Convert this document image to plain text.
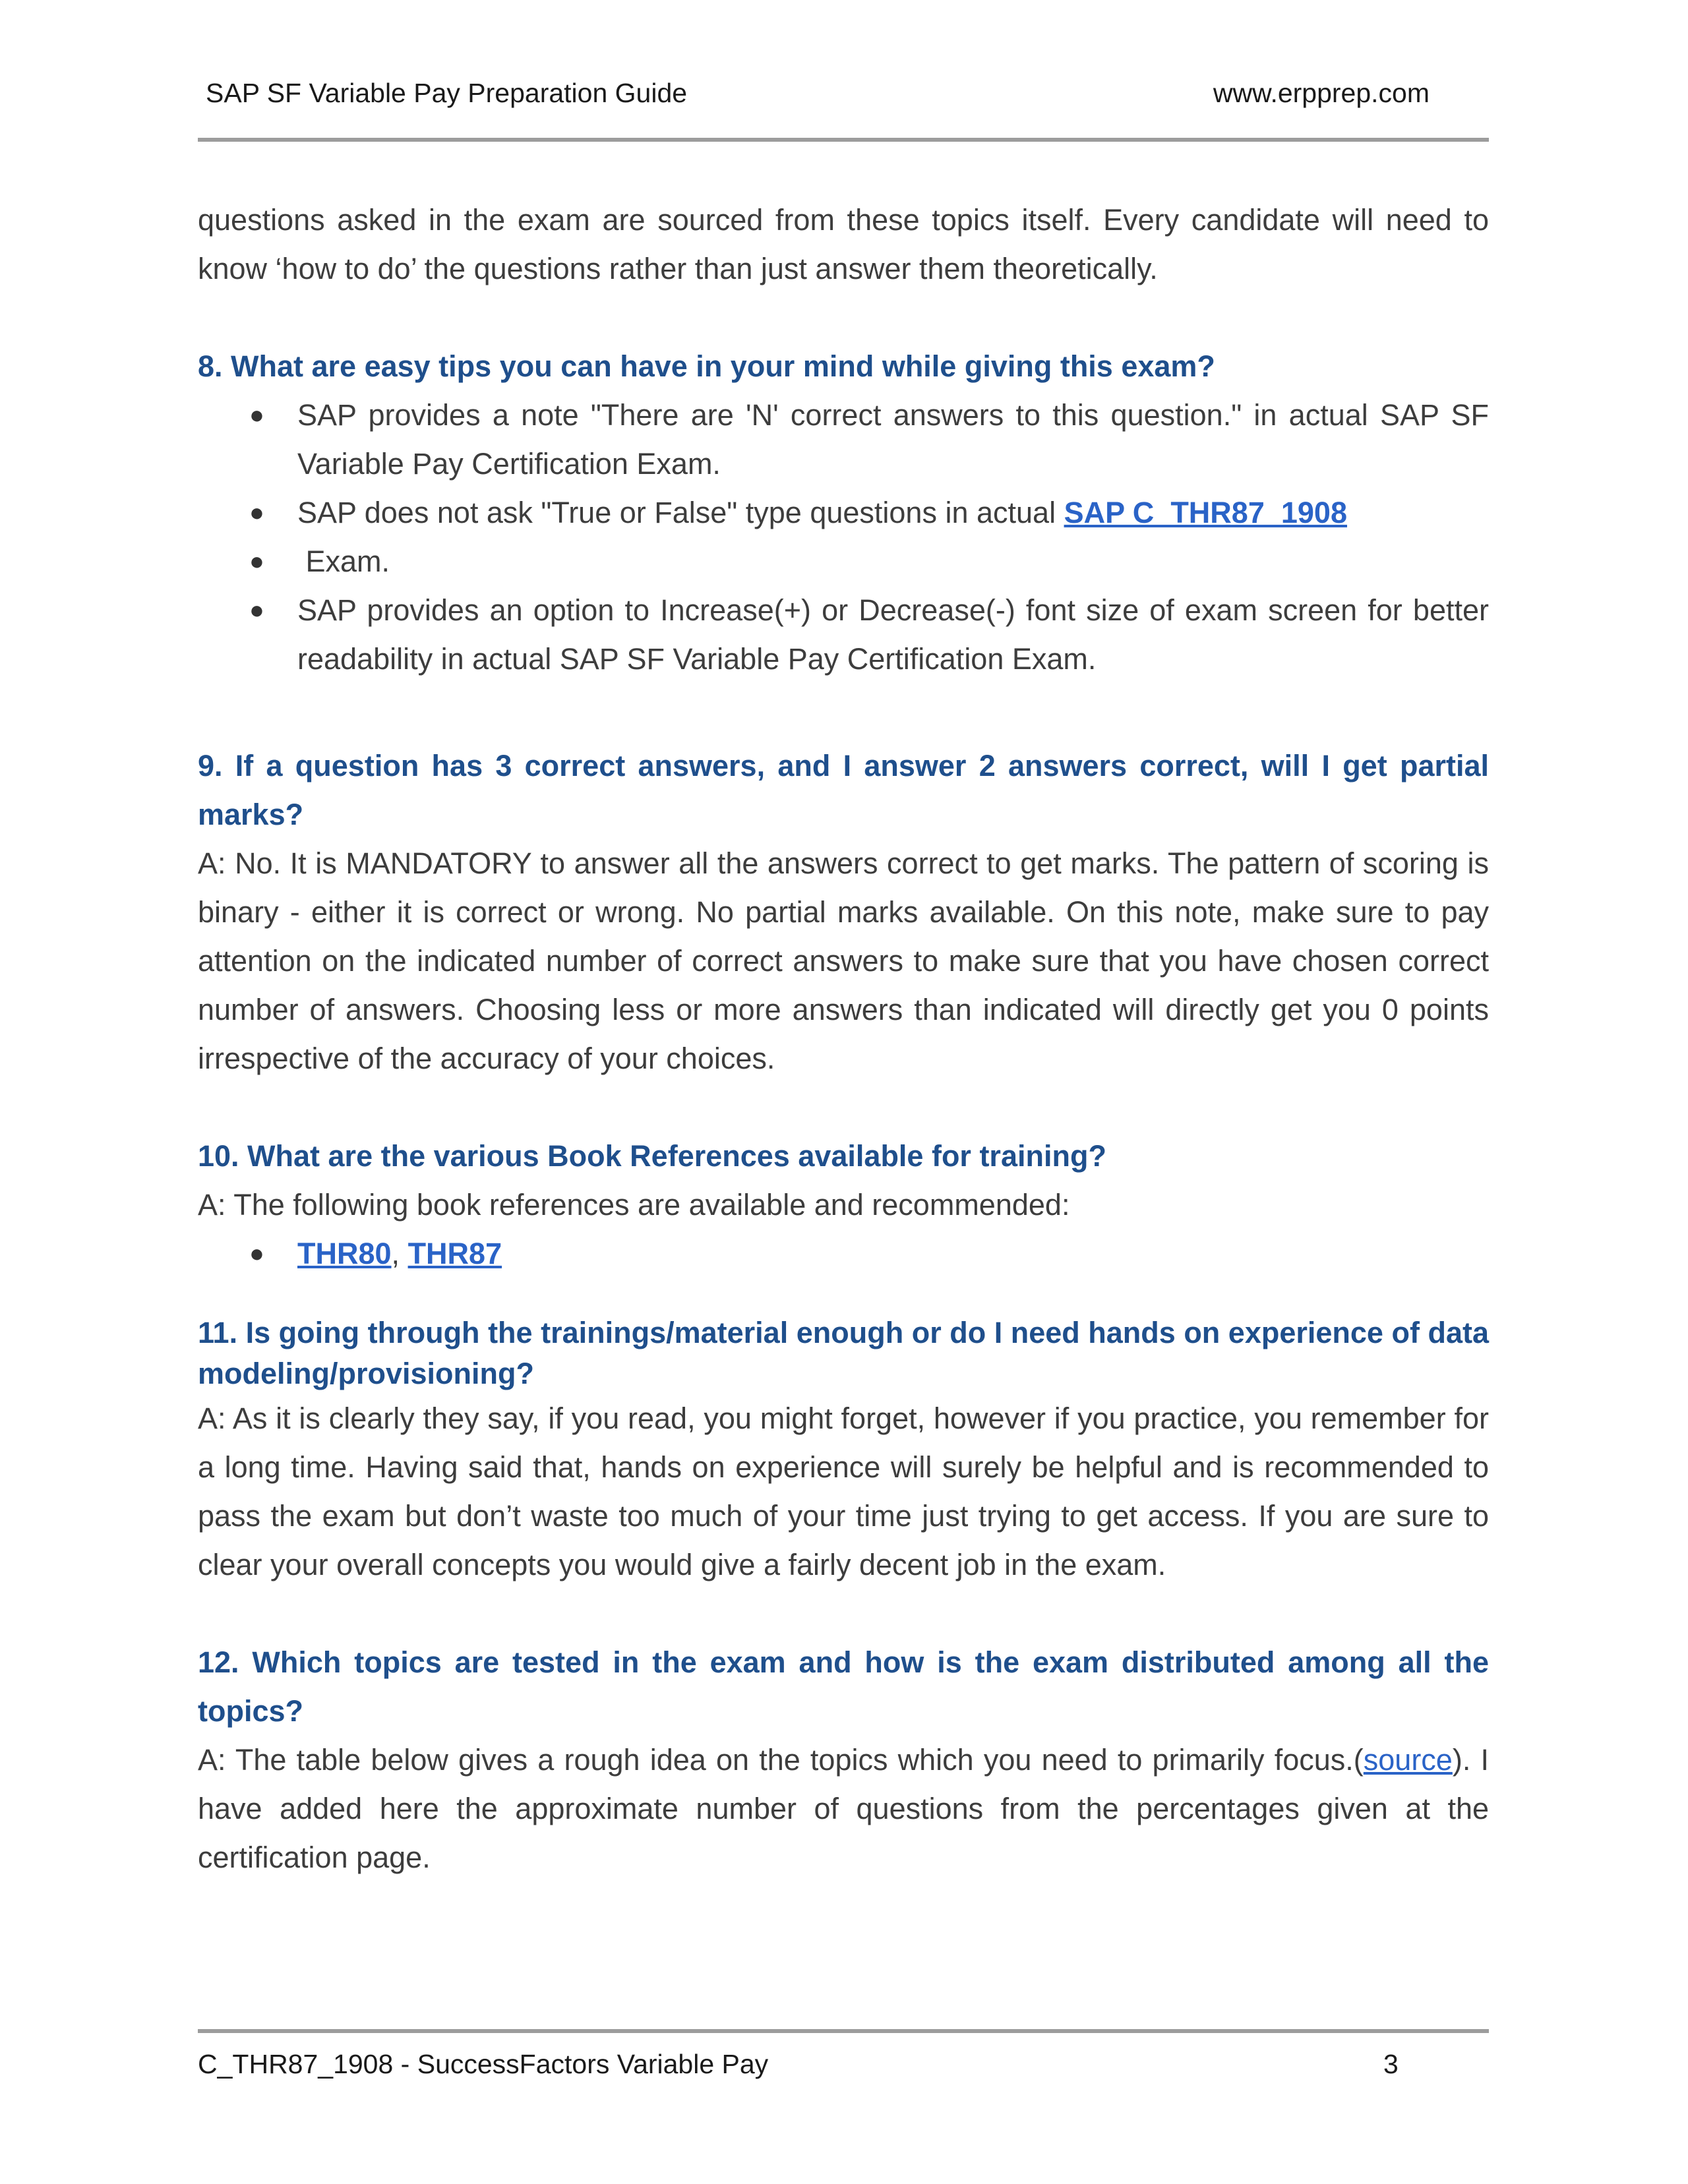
SAP SF Variable Pay Preparation Guide	www.erpprep.com

questions asked in the exam are sourced from these topics itself. Every candidate will need to know ‘how to do’ the questions rather than just answer them theoretically.

8. What are easy tips you can have in your mind while giving this exam?

● SAP provides a note "There are 'N' correct answers to this question." in actual SAP SF Variable Pay Certification Exam.
● SAP does not ask "True or False" type questions in actual SAP C_THR87_1908
● Exam.
● SAP provides an option to Increase(+) or Decrease(-) font size of exam screen for better readability in actual SAP SF Variable Pay Certification Exam.

9. If a question has 3 correct answers, and I answer 2 answers correct, will I get partial marks?

A: No. It is MANDATORY to answer all the answers correct to get marks. The pattern of scoring is binary - either it is correct or wrong. No partial marks available. On this note, make sure to pay attention on the indicated number of correct answers to make sure that you have chosen correct number of answers. Choosing less or more answers than indicated will directly get you 0 points irrespective of the accuracy of your choices.

10. What are the various Book References available for training?

A: The following book references are available and recommended:

● THR80, THR87

11. Is going through the trainings/material enough or do I need hands on experience of data modeling/provisioning?

A: As it is clearly they say, if you read, you might forget, however if you practice, you remember for a long time. Having said that, hands on experience will surely be helpful and is recommended to pass the exam but don’t waste too much of your time just trying to get access. If you are sure to clear your overall concepts you would give a fairly decent job in the exam.

12. Which topics are tested in the exam and how is the exam distributed among all the topics?

A: The table below gives a rough idea on the topics which you need to primarily focus.(source). I have added here the approximate number of questions from the percentages given at the certification page.

C_THR87_1908 - SuccessFactors Variable Pay	3
